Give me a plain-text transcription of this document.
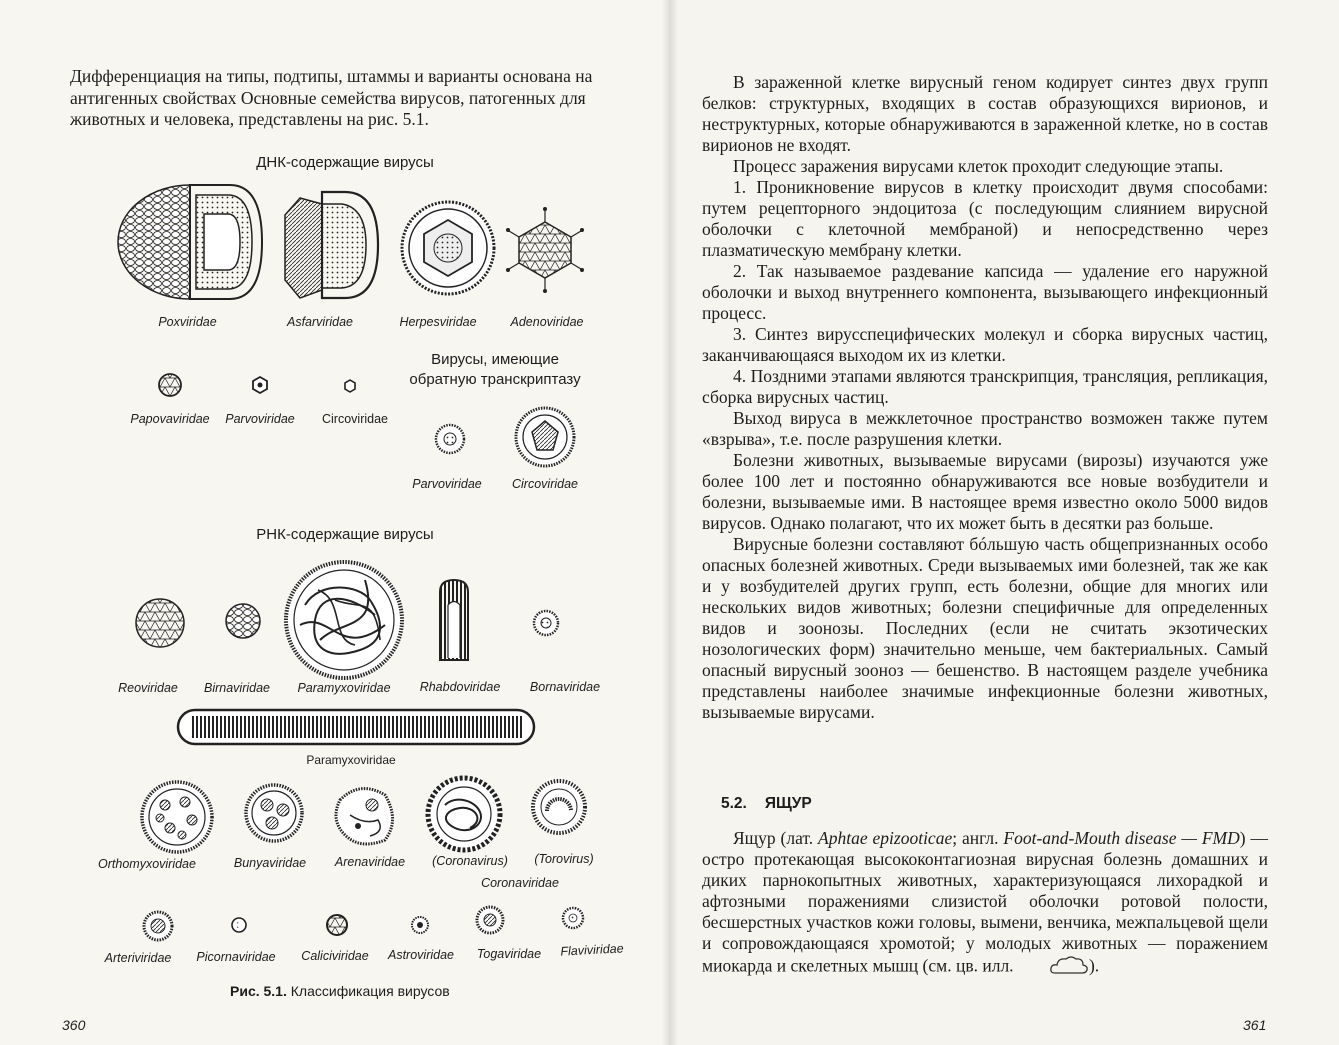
Дифференциация на типы, подтипы, штаммы и варианты основана на антигенных свойствах Основные семейства вирусов, патогенных для животных и человека, представлены на рис. 5.1.

ДНК-содержащие вирусы
Poxviridae	Asfarviridae	Herpesviridae	Adenoviridae
Вирусы, имеющие
обратную транскриптазу
Papovaviridae	Parvoviridae	Circoviridae
Parvoviridae	Circoviridae
РНК-содержащие вирусы
Reoviridae	Birnaviridae	Paramyxoviridae	Rhabdoviridae	Bornaviridae
Paramyxoviridae
Orthomyxoviridae	Bunyaviridae	Arenaviridae	(Coronavirus)	(Torovirus)
Coronaviridae
Arteriviridae	Picornaviridae	Caliciviridae	Astroviridae	Togaviridae	Flaviviridae
Рис. 5.1. Классификация вирусов
360

В зараженной клетке вирусный геном кодирует синтез двух групп белков: структурных, входящих в состав образующихся вирионов, и неструктурных, которые обнаруживаются в зараженной клетке, но в состав вирионов не входят.

Процесс заражения вирусами клеток проходит следующие этапы.

1. Проникновение вирусов в клетку происходит двумя способами: путем рецепторного эндоцитоза (с последующим слиянием вирусной оболочки с клеточной мембраной) и непосредственно через плазматическую мембрану клетки.

2. Так называемое раздевание капсида — удаление его наружной оболочки и выход внутреннего компонента, вызывающего инфекционный процесс.

3. Синтез вирусспецифических молекул и сборка вирусных частиц, заканчивающаяся выходом их из клетки.

4. Поздними этапами являются транскрипция, трансляция, репликация, сборка вирусных частиц.

Выход вируса в межклеточное пространство возможен также путем «взрыва», т.е. после разрушения клетки.

Болезни животных, вызываемые вирусами (вирозы) изучаются уже более 100 лет и постоянно обнаруживаются все новые возбудители и болезни, вызываемые ими. В настоящее время известно около 5000 видов вирусов. Однако полагают, что их может быть в десятки раз больше.

Вирусные болезни составляют бóльшую часть общепризнанных особо опасных болезней животных. Среди вызываемых ими болезней, так же как и у возбудителей других групп, есть болезни, общие для многих или нескольких видов животных; болезни специфичные для определенных видов и зоонозы. Последних (если не считать экзотических нозологических форм) значительно меньше, чем бактериальных. Самый опасный вирусный зооноз — бешенство. В настоящем разделе учебника представлены наиболее значимые инфекционные болезни животных, вызываемые вирусами.

5.2. ЯЩУР

Ящур (лат. Aphtae epizooticae; англ. Foot-and-Mouth disease — FMD) — остро протекающая высококонтагиозная вирусная болезнь домашних и диких парнокопытных животных, характеризующаяся лихорадкой и афтозными поражениями слизистой оболочки ротовой полости, бесшерстных участков кожи головы, вымени, венчика, межпальцевой щели и сопровождающаяся хромотой; у молодых животных — поражением миокарда и скелетных мышц (см. цв. илл.	).

361
